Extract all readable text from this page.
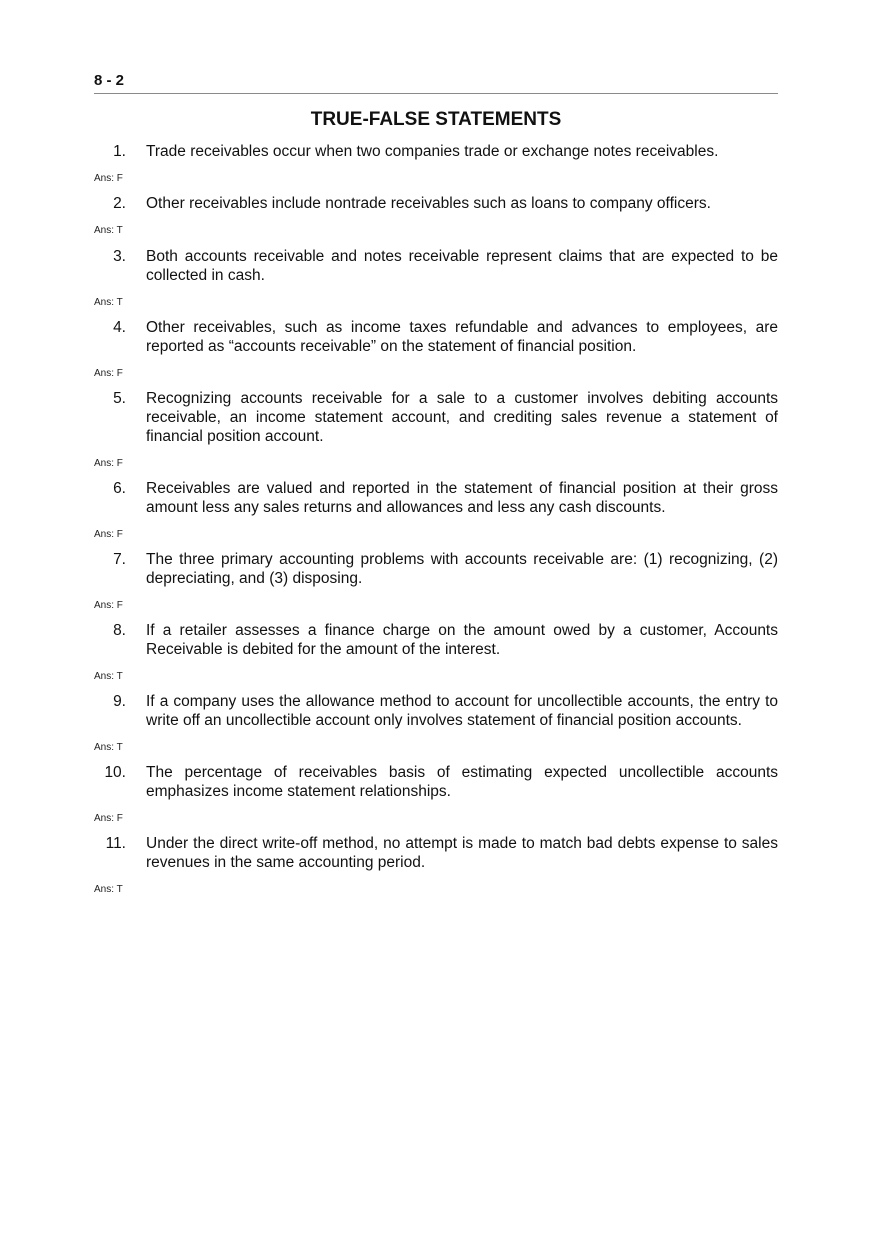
8 - 2
TRUE-FALSE STATEMENTS
1. Trade receivables occur when two companies trade or exchange notes receivables.
Ans: F
2. Other receivables include nontrade receivables such as loans to company officers.
Ans: T
3. Both accounts receivable and notes receivable represent claims that are expected to be collected in cash.
Ans: T
4. Other receivables, such as income taxes refundable and advances to employees, are reported as “accounts receivable” on the statement of financial position.
Ans: F
5. Recognizing accounts receivable for a sale to a customer involves debiting accounts receivable, an income statement account, and crediting sales revenue a statement of financial position account.
Ans: F
6. Receivables are valued and reported in the statement of financial position at their gross amount less any sales returns and allowances and less any cash discounts.
Ans: F
7. The three primary accounting problems with accounts receivable are: (1) recognizing, (2) depreciating, and (3) disposing.
Ans: F
8. If a retailer assesses a finance charge on the amount owed by a customer, Accounts Receivable is debited for the amount of the interest.
Ans: T
9. If a company uses the allowance method to account for uncollectible accounts, the entry to write off an uncollectible account only involves statement of financial position accounts.
Ans: T
10. The percentage of receivables basis of estimating expected uncollectible accounts emphasizes income statement relationships.
Ans: F
11. Under the direct write-off method, no attempt is made to match bad debts expense to sales revenues in the same accounting period.
Ans: T
